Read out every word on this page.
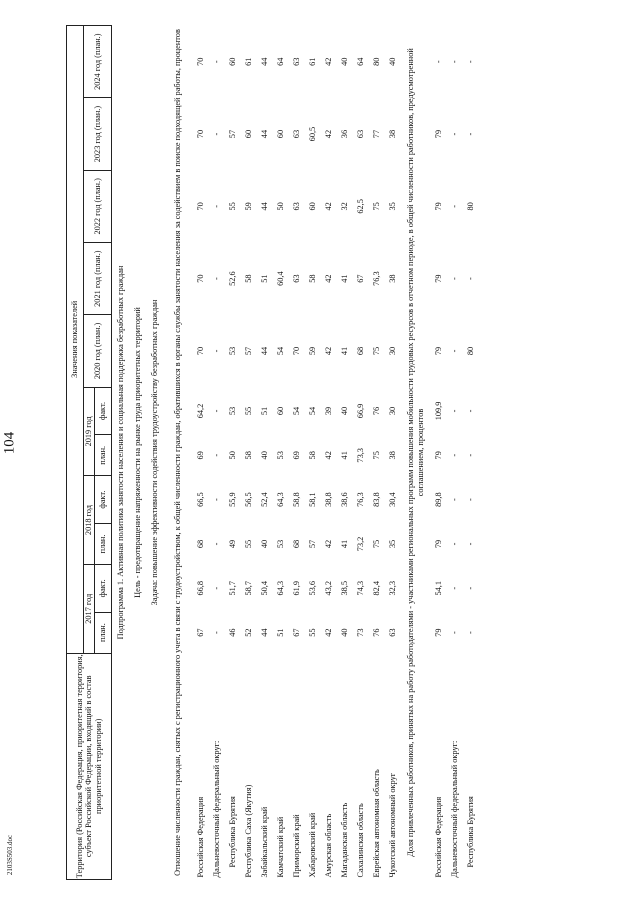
104
2103S503.doc	Территория (Российская Федерация, приоритетная территория, субъект Российской Федерации, входящий в состав приоритетной территории)	Значения показателей										
	2017 год		2018 год		2019 год		2020 год (план.)	2021 год (план.)	2022 год (план.)	2023 год (план.)	2024 год (план.)
	план.	факт.	план.	факт.	план.	факт.					
Подпрограмма 1. Активная политика занятости населения и социальная поддержка безработных граждан											
Цель - предотвращение напряженности на рынке труда приоритетных территорий											
Задача: повышение эффективности содействия трудоустройству безработных граждан											
Отношение численности граждан, снятых с регистрационного учета в связи с трудоустройством, к общей численности граждан, обратившихся в органы службы занятости населения за содействием в поиске подходящей работы, процентов											
Российская Федерация	67	66,8	68	66,5	69	64,2	70	70	70	70	70
Дальневосточный федеральный округ:	-	-	-	-	-	-	-	-	-	-	-
Республика Бурятия	46	51,7	49	55,9	50	53	53	52,6	55	57	60
Республика Саха (Якутия)	52	58,7	55	56,5	58	55	57	58	59	60	61
Забайкальский край	44	50,4	40	52,4	40	51	44	51	44	44	44
Камчатский край	51	64,3	53	64,3	53	60	54	60,4	50	60	64
Приморский край	67	61,9	68	58,8	69	54	70	63	63	63	63
Хабаровский край	55	53,6	57	58,1	58	54	59	58	60	60,5	61
Амурская область	42	43,2	42	38,8	42	39	42	42	42	42	42
Магаданская область	40	38,5	41	38,6	41	40	41	41	32	36	40
Сахалинская область	73	74,3	73,2	76,3	73,3	66,9	68	67	62,5	63	64
Еврейская автономная область	76	82,4	75	83,8	75	76	75	76,3	75	77	80
Чукотский автономный округ	63	32,3	35	30,4	38	30	30	38	35	38	40
Доля привлеченных работников, принятых на работу работодателями - участниками региональных программ повышения мобильности трудовых ресурсов в отчетном периоде, в общей численности работников, предусмотренной соглашением, процентов											
Российская Федерация	79	54,1	79	89,8	79	109,9	79	79	79	79	-
Дальневосточный федеральный округ:	-	-	-	-	-	-	-	-	-	-	-
Республика Бурятия	-	-	-	-	-	-	80	-	80	-	-
